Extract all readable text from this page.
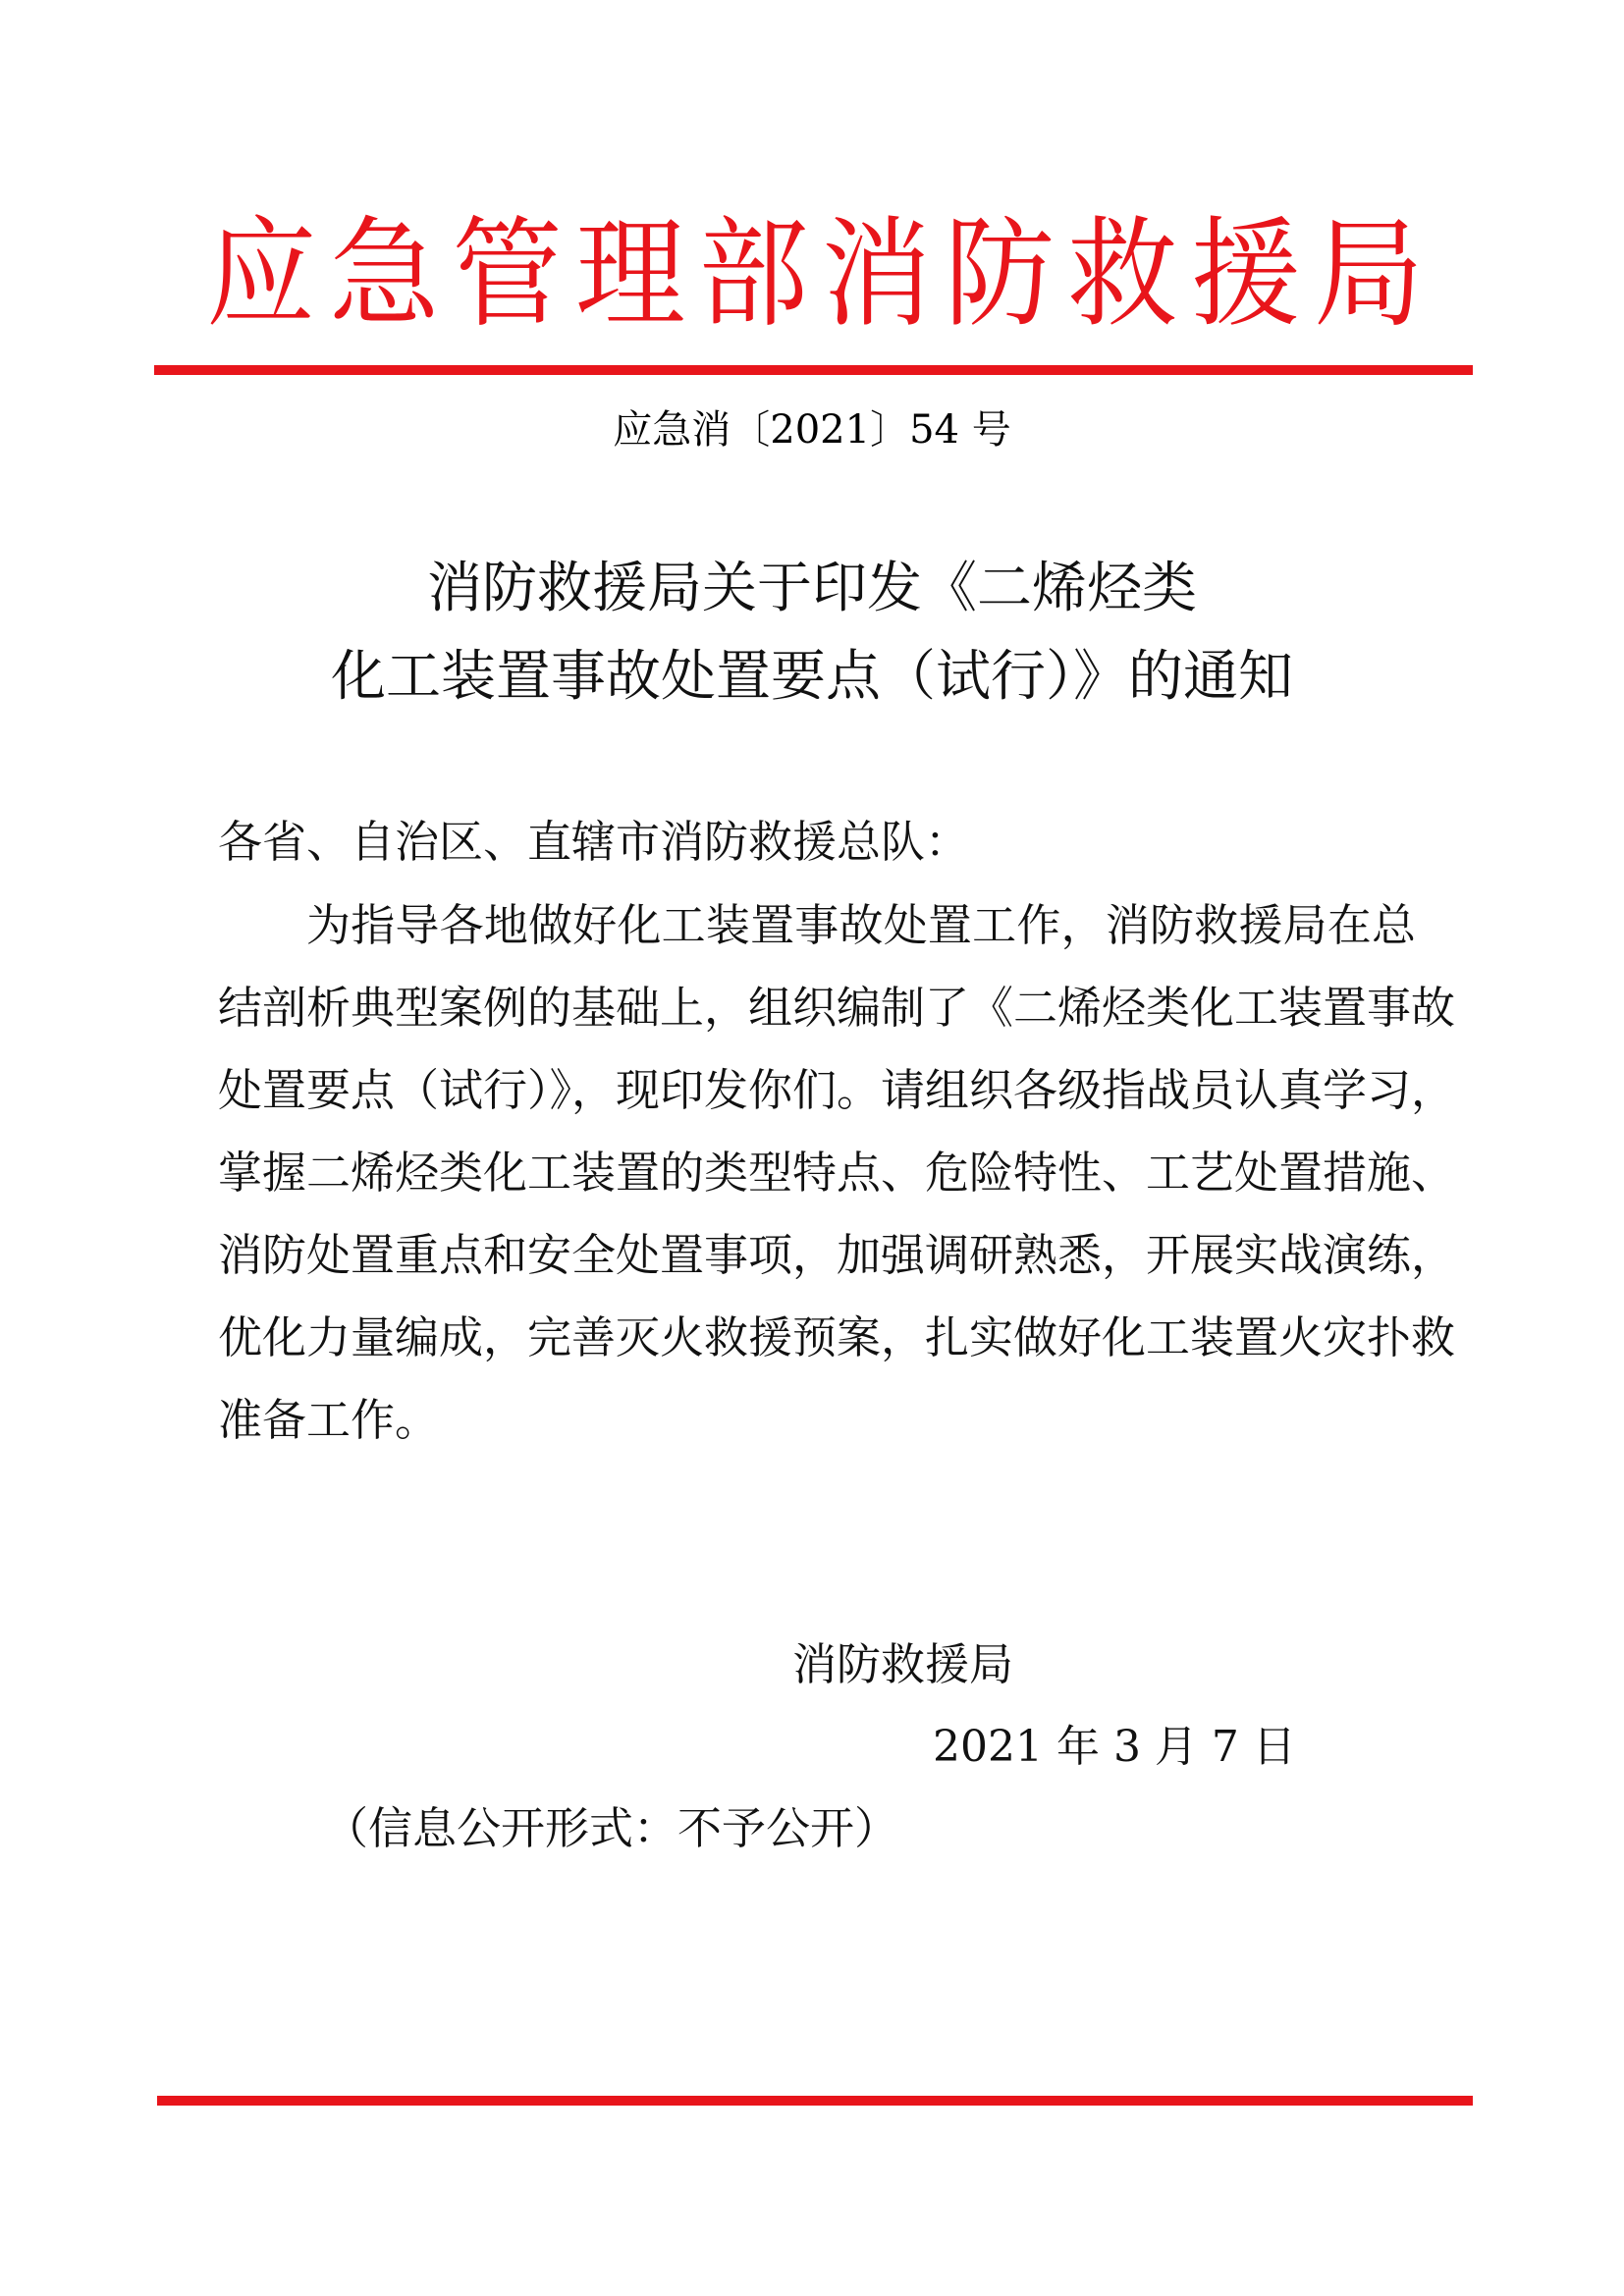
应 急 管 理 部 消 防 救 援 局
应急消〔2021〕54 号
消防救援局关于印发《二烯烃类
化工装置事故处置要点（试行）》的通知
各省、自治区、直辖市消防救援总队：
为指导各地做好化工装置事故处置工作，消防救援局在总
结剖析典型案例的基础上，组织编制了《二烯烃类化工装置事故
处置要点（试行）》，现印发你们。请组织各级指战员认真学习，
掌握二烯烃类化工装置的类型特点、危险特性、工艺处置措施、
消防处置重点和安全处置事项，加强调研熟悉，开展实战演练，
优化力量编成，完善灭火救援预案，扎实做好化工装置火灾扑救
准备工作。
消防救援局
2021 年 3 月 7 日
（信息公开形式：不予公开）
